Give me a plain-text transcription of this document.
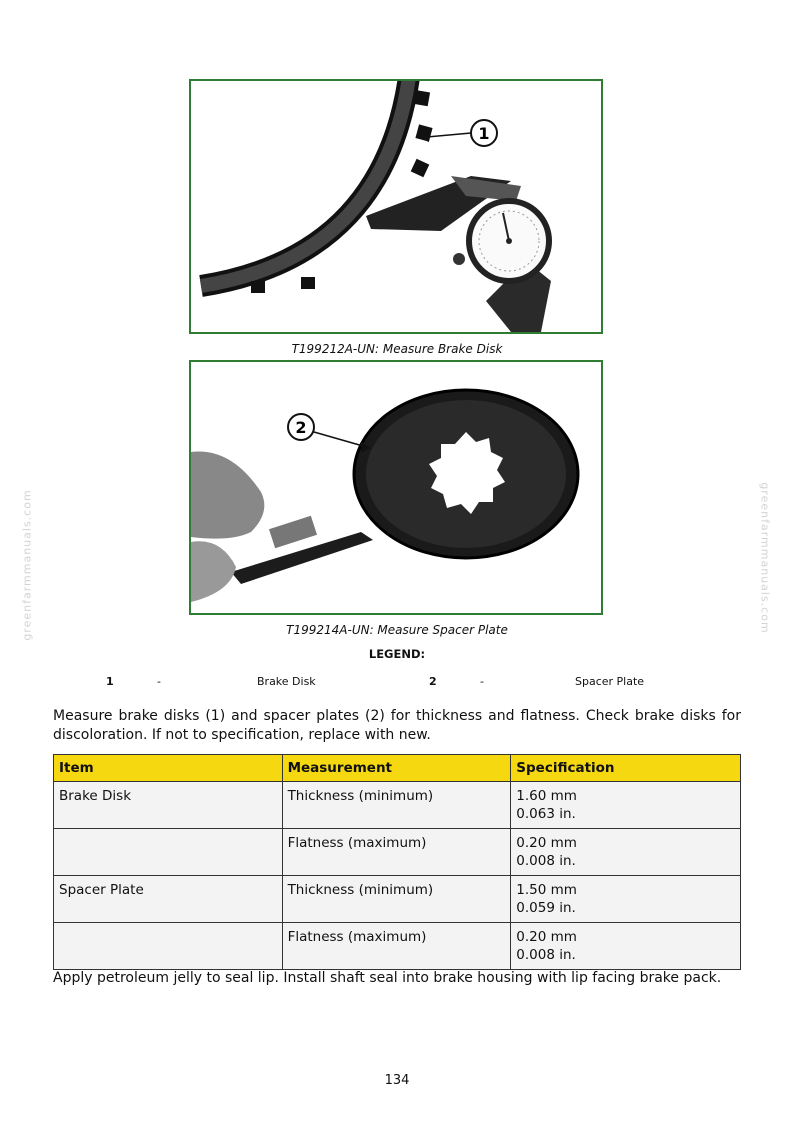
greenfarmmanuals.com	greenfarmmanuals.com
1
T199212A-UN: Measure Brake Disk
2
T199214A-UN: Measure Spacer Plate
LEGEND:
1	-	Brake Disk	2	-	Spacer Plate
Measure brake disks (1) and spacer plates (2) for thickness and flatness. Check brake disks for discoloration. If not to specification, replace with new.
Item	Measurement	Specification
Brake Disk	Thickness (minimum)	1.60 mm
0.063 in.

	Flatness (maximum)	0.20 mm
0.008 in.

Spacer Plate	Thickness (minimum)	1.50 mm
0.059 in.

	Flatness (maximum)	0.20 mm
0.008 in.
Apply petroleum jelly to seal lip. Install shaft seal into brake housing with lip facing brake pack.
134
